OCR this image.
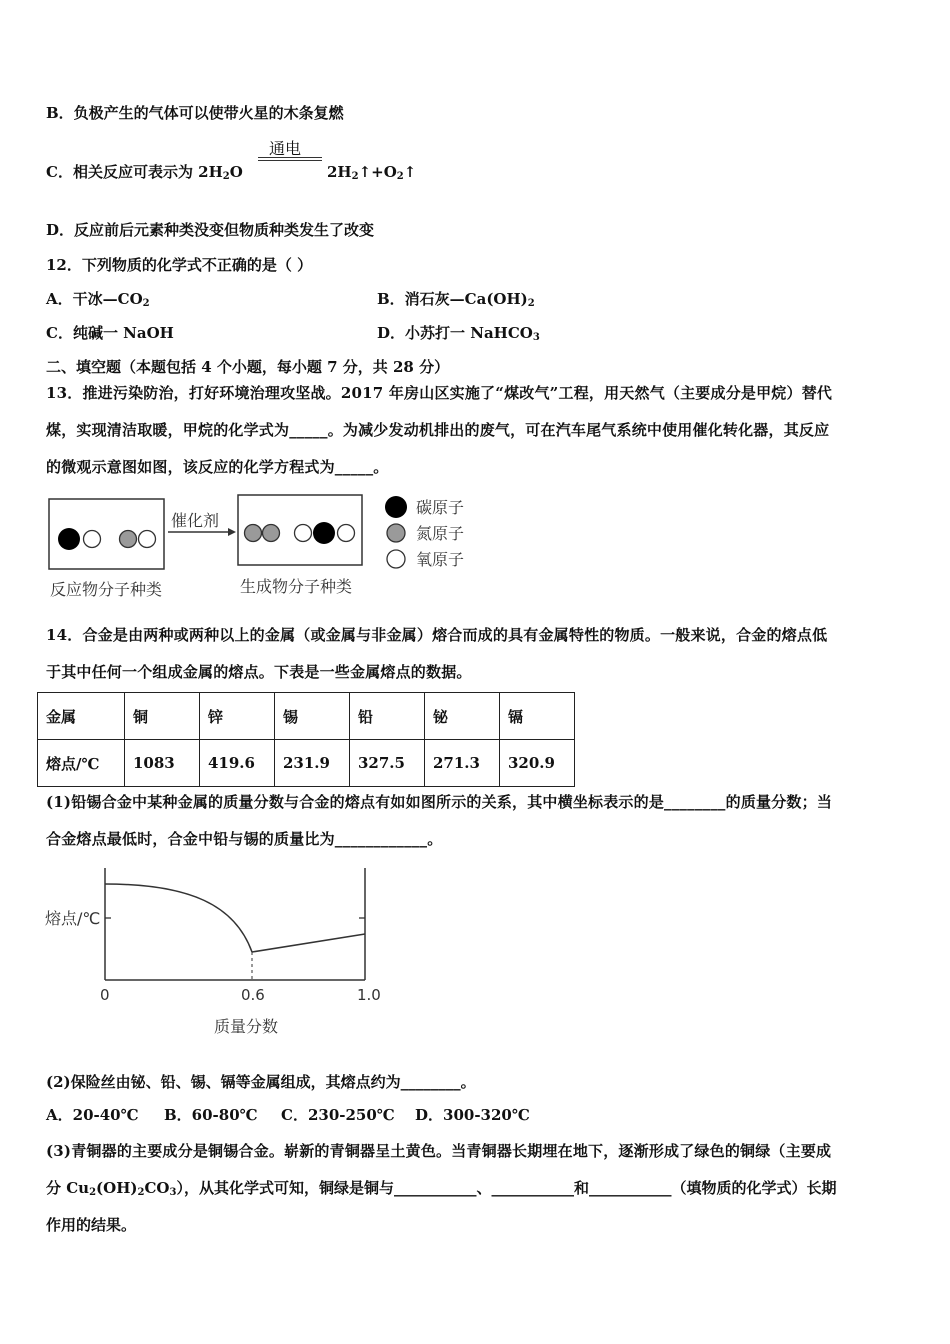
B．负极产生的气体可以使带火星的木条复燃
C．相关反应可表示为 $2H_2O$
通电
$2H_2↑+O_2↑$
D．反应前后元素种类没变但物质种类发生了改变
12．下列物质的化学式不正确的是（ ）
A．干冰$—CO_2$	B．消石灰$—Ca(OH)_2$
C．纯碱一 NaOH	D．小苏打一 NaHCO$_3$
二、填空题（本题包括 4 个小题，每小题 7 分，共 28 分）
13．推进污染防治，打好环境治理攻坚战。2017 年房山区实施了“煤改气”工程，用天然气（主要成分是甲烷）替代
煤，实现清洁取暖，甲烷的化学式为_____。为减少发动机排出的废气，可在汽车尾气系统中使用催化转化器，其反应
的微观示意图如图，该反应的化学方程式为_____。
催化剂
反应物分子种类	生成物分子种类
碳原子
氮原子
氧原子
14．合金是由两种或两种以上的金属（或金属与非金属）熔合而成的具有金属特性的物质。一般来说，合金的熔点低
于其中任何一个组成金属的熔点。下表是一些金属熔点的数据。
金属	铜	锌	锡	铅	铋	镉
熔点/℃	1083	419.6	231.9	327.5	271.3	320.9
(1)铅锡合金中某种金属的质量分数与合金的熔点有如如图所示的关系，其中横坐标表示的是________的质量分数；当
合金熔点最低时，合金中铅与锡的质量比为____________。
熔点/℃
0	0.6	1.0
质量分数
(2)保险丝由铋、铅、锡、镉等金属组成，其熔点约为________。
A．20-40℃ B．60-80℃ C．230-250℃ D．300-320℃
(3)青铜器的主要成分是铜锡合金。崭新的青铜器呈土黄色。当青铜器长期埋在地下，逐渐形成了绿色的铜绿（主要成
分 $Cu_2(OH)_2CO_3$），从其化学式可知，铜绿是铜与___________、___________和___________（填物质的化学式）长期
作用的结果。
